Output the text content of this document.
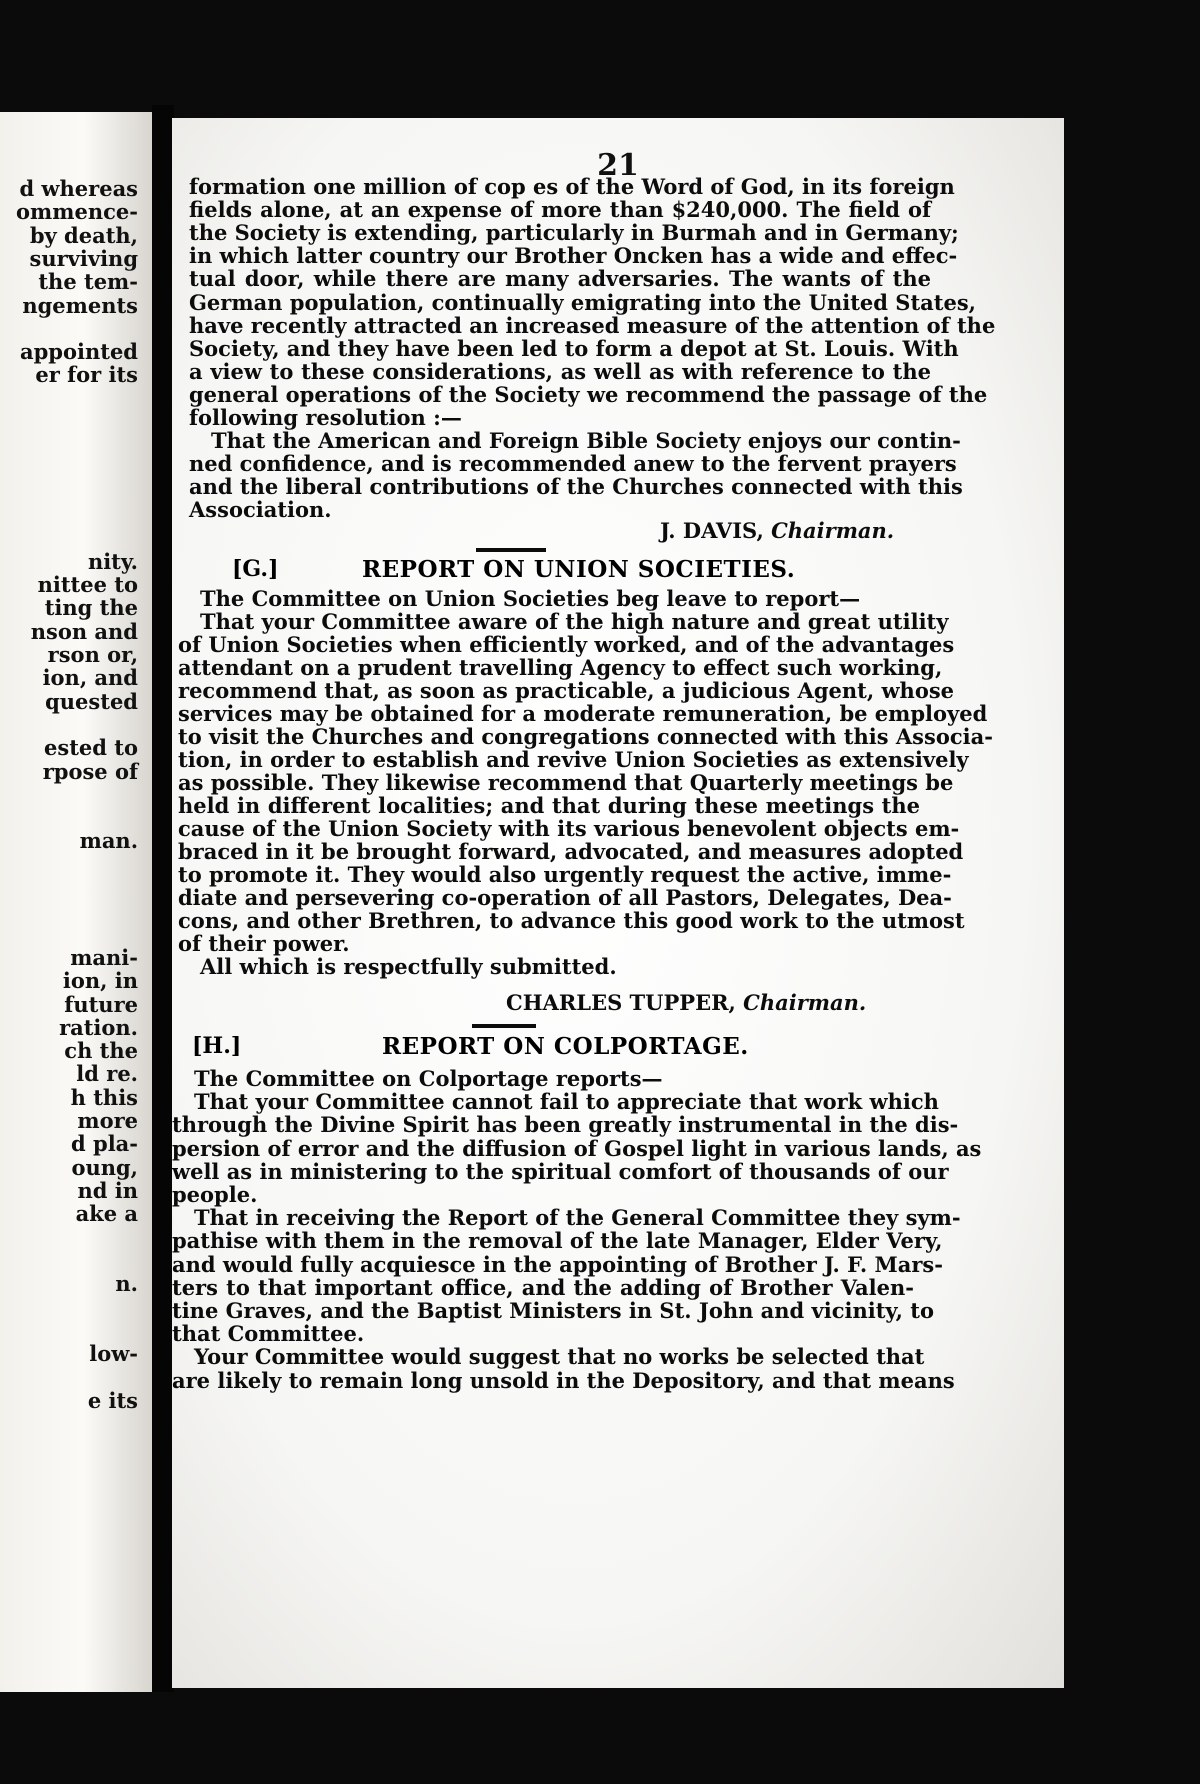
d whereas
ommence-
by death,
surviving
the tem-
ngements
appointed
er for its
nity.
nittee to
ting the
nson and
rson or,
ion, and
quested
ested to
rpose of
man.
mani-
ion, in
future
ration.
ch the
ld re.
h this
more
d pla-
oung,
nd in
ake a
n.
low-
e its
21
formation one million of cop es of the Word of God, in its foreign
fields alone, at an expense of more than $240,000. The field of
the Society is extending, particularly in Burmah and in Germany;
in which latter country our Brother Oncken has a wide and effec-
tual door, while there are many adversaries. The wants of the
German population, continually emigrating into the United States,
have recently attracted an increased measure of the attention of the
Society, and they have been led to form a depot at St. Louis. With
a view to these considerations, as well as with reference to the
general operations of the Society we recommend the passage of the
following resolution :—
That the American and Foreign Bible Society enjoys our contin-
ned confidence, and is recommended anew to the fervent prayers
and the liberal contributions of the Churches connected with this
Association.
J. DAVIS, Chairman.
[G.]	REPORT ON UNION SOCIETIES.
The Committee on Union Societies beg leave to report—
That your Committee aware of the high nature and great utility
of Union Societies when efficiently worked, and of the advantages
attendant on a prudent travelling Agency to effect such working,
recommend that, as soon as practicable, a judicious Agent, whose
services may be obtained for a moderate remuneration, be employed
to visit the Churches and congregations connected with this Associa-
tion, in order to establish and revive Union Societies as extensively
as possible. They likewise recommend that Quarterly meetings be
held in different localities; and that during these meetings the
cause of the Union Society with its various benevolent objects em-
braced in it be brought forward, advocated, and measures adopted
to promote it. They would also urgently request the active, imme-
diate and persevering co-operation of all Pastors, Delegates, Dea-
cons, and other Brethren, to advance this good work to the utmost
of their power.
All which is respectfully submitted.
CHARLES TUPPER, Chairman.
[H.]	REPORT ON COLPORTAGE.
The Committee on Colportage reports—
That your Committee cannot fail to appreciate that work which
through the Divine Spirit has been greatly instrumental in the dis-
persion of error and the diffusion of Gospel light in various lands, as
well as in ministering to the spiritual comfort of thousands of our
people.
That in receiving the Report of the General Committee they sym-
pathise with them in the removal of the late Manager, Elder Very,
and would fully acquiesce in the appointing of Brother J. F. Mars-
ters to that important office, and the adding of Brother Valen-
tine Graves, and the Baptist Ministers in St. John and vicinity, to
that Committee.
Your Committee would suggest that no works be selected that
are likely to remain long unsold in the Depository, and that means
